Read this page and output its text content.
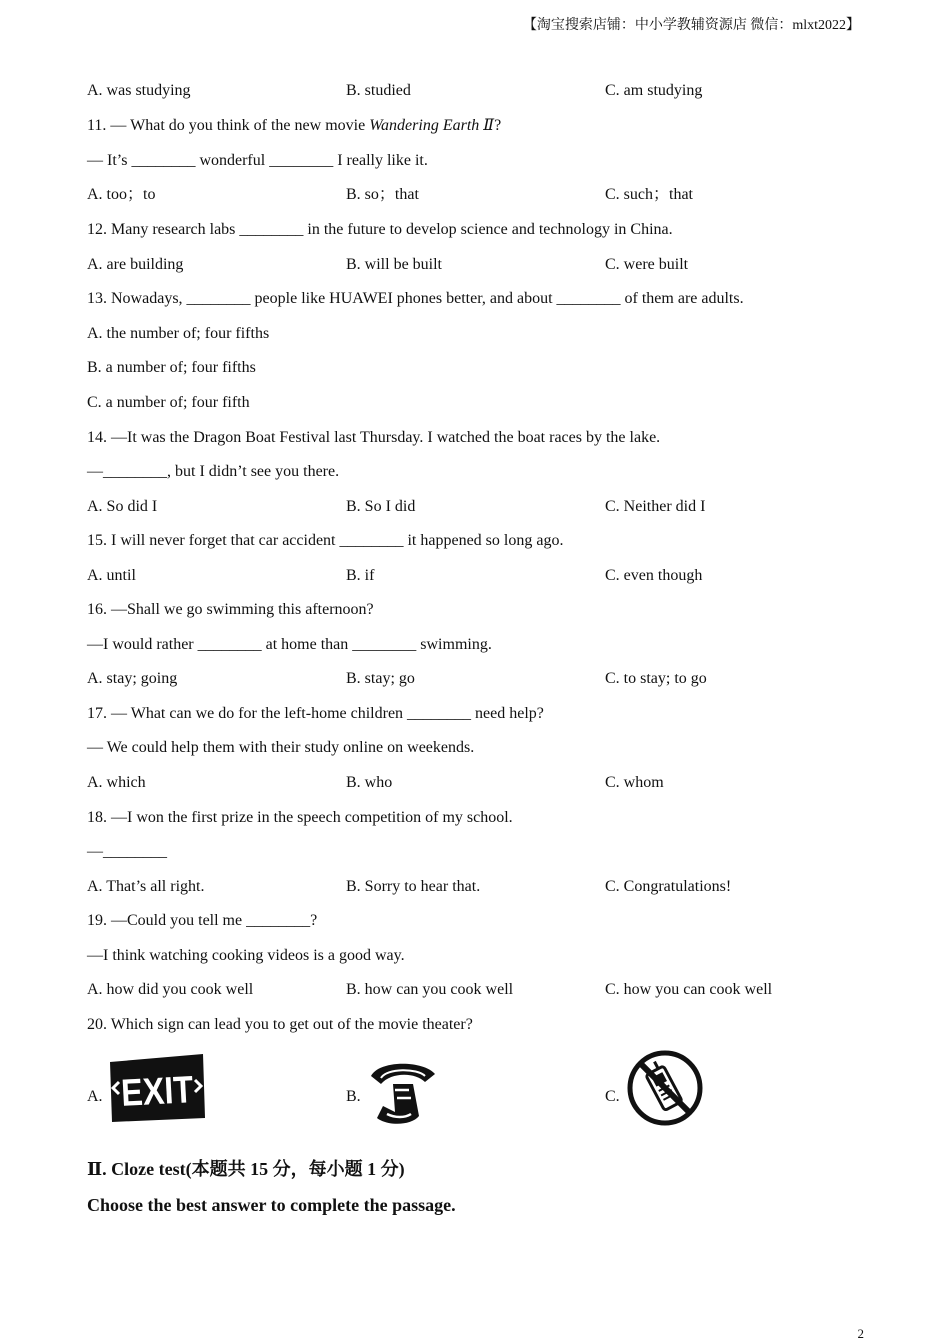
【淘宝搜索店铺：中小学教辅资源店 微信：mlxt2022】
A. was studying	B. studied	C. am studying
11. — What do you think of the new movie Wandering Earth Ⅱ?
— It’s ________ wonderful ________ I really like it.
A. too；to	B. so；that	C. such；that
12. Many research labs ________ in the future to develop science and technology in China.
A. are building	B. will be built	C. were built
13. Nowadays, ________ people like HUAWEI phones better, and about ________ of them are adults.
A. the number of; four fifths
B. a number of; four fifths
C. a number of; four fifth
14. —It was the Dragon Boat Festival last Thursday. I watched the boat races by the lake.
—________, but I didn’t see you there.
A. So did I	B. So I did	C. Neither did I
15. I will never forget that car accident ________ it happened so long ago.
A. until	B. if	C. even though
16. —Shall we go swimming this afternoon?
—I would rather ________ at home than ________ swimming.
A. stay; going	B. stay; go	C. to stay; to go
17. — What can we do for the left-home children ________ need help?
— We could help them with their study online on weekends.
A. which	B. who	C. whom
18. —I won the first prize in the speech competition of my school.
—________
A. That’s all right.	B. Sorry to hear that.	C. Congratulations!
19. —Could you tell me ________?
—I think watching cooking videos is a good way.
A. how did you cook well	B. how can you cook well	C. how you can cook well
20. Which sign can lead you to get out of the movie theater?
A. EXIT	B.	C.
Ⅱ. Cloze test(本题共 15 分，每小题 1 分)
Choose the best answer to complete the passage.
2
